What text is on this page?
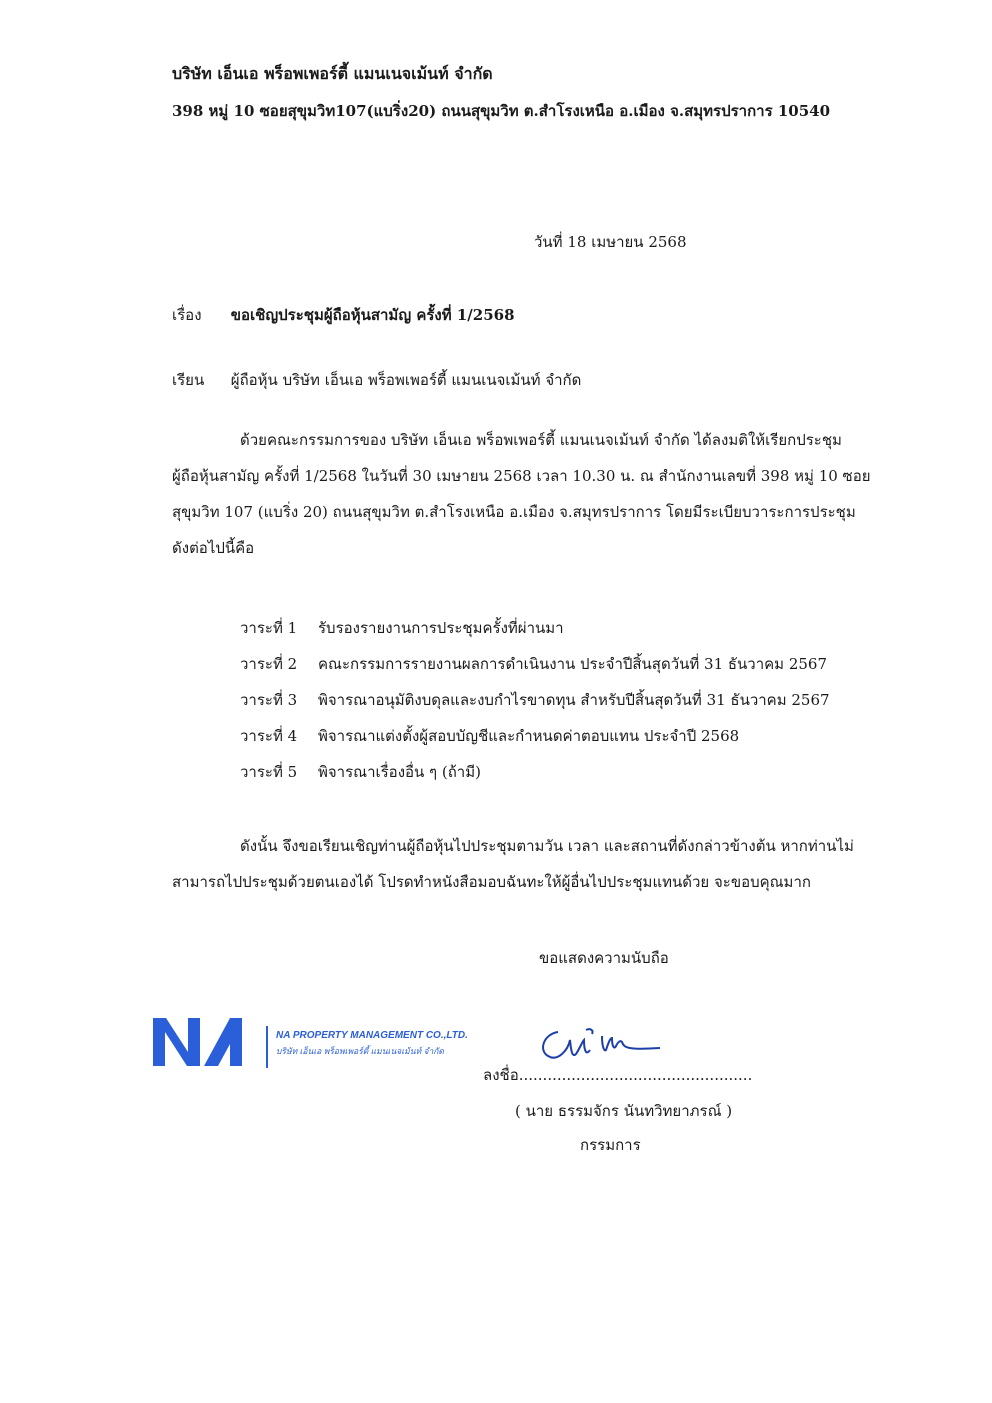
บริษัท เอ็นเอ พร็อพเพอร์ตี้ แมนเนจเม้นท์ จำกัด
398 หมู่ 10 ซอยสุขุมวิท107(แบริ่ง20) ถนนสุขุมวิท ต.สำโรงเหนือ อ.เมือง จ.สมุทรปราการ 10540
วันที่ 18 เมษายน 2568
เรื่อง ขอเชิญประชุมผู้ถือหุ้นสามัญ ครั้งที่ 1/2568
เรียน ผู้ถือหุ้น บริษัท เอ็นเอ พร็อพเพอร์ตี้ แมนเนจเม้นท์ จำกัด

ด้วยคณะกรรมการของ บริษัท เอ็นเอ พร็อพเพอร์ตี้ แมนเนจเม้นท์ จำกัด ได้ลงมติให้เรียกประชุม

ผู้ถือหุ้นสามัญ ครั้งที่ 1/2568 ในวันที่ 30 เมษายน 2568 เวลา 10.30 น. ณ สำนักงานเลขที่ 398 หมู่ 10 ซอย

สุขุมวิท 107 (แบริ่ง 20) ถนนสุขุมวิท ต.สำโรงเหนือ อ.เมือง จ.สมุทรปราการ โดยมีระเบียบวาระการประชุม

ดังต่อไปนี้คือ

วาระที่ 1	รับรองรายงานการประชุมครั้งที่ผ่านมา
วาระที่ 2	คณะกรรมการรายงานผลการดำเนินงาน ประจำปีสิ้นสุดวันที่ 31 ธันวาคม 2567
วาระที่ 3	พิจารณาอนุมัติงบดุลและงบกำไรขาดทุน สำหรับปีสิ้นสุดวันที่ 31 ธันวาคม 2567
วาระที่ 4	พิจารณาแต่งตั้งผู้สอบบัญชีและกำหนดค่าตอบแทน ประจำปี 2568
วาระที่ 5	พิจารณาเรื่องอื่น ๆ (ถ้ามี)

ดังนั้น จึงขอเรียนเชิญท่านผู้ถือหุ้นไปประชุมตามวัน เวลา และสถานที่ดังกล่าวข้างต้น หากท่านไม่

สามารถไปประชุมด้วยตนเองได้ โปรดทำหนังสือมอบฉันทะให้ผู้อื่นไปประชุมแทนด้วย จะขอบคุณมาก

ขอแสดงความนับถือ
NA PROPERTY MANAGEMENT CO.,LTD.
บริษัท เอ็นเอ พร็อพเพอร์ตี้ แมนเนจเม้นท์ จำกัด
ลงชื่อ.................................................
( นาย ธรรมจักร นันทวิทยาภรณ์ )
กรรมการ
